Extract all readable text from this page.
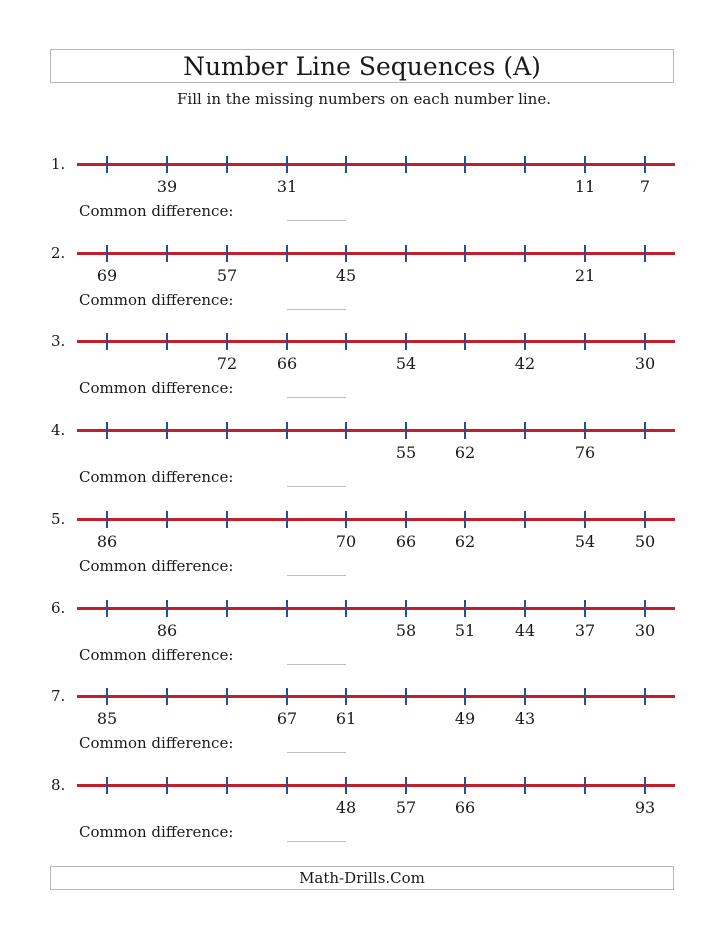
Number Line Sequences (A)
Fill in the missing numbers on each number line.
1.
39	31	11	7
Common difference:
2.
69	57	45	21
Common difference:
3.
72	66	54	42	30
Common difference:
4.
55	62	76
Common difference:
5.
86	70	66	62	54	50
Common difference:
6.
86	58	51	44	37	30
Common difference:
7.
85	67	61	49	43
Common difference:
8.
48	57	66	93
Common difference:
Math-Drills.Com
